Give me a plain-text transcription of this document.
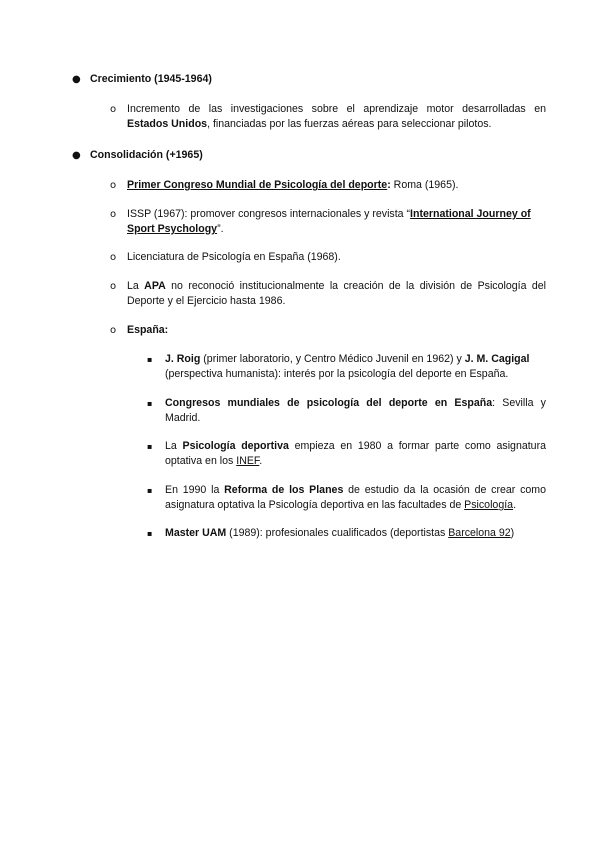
● Crecimiento (1945-1964)
o Incremento de las investigaciones sobre el aprendizaje motor desarrolladas en
Estados Unidos, financiadas por las fuerzas aéreas para seleccionar pilotos.
● Consolidación (+1965)
o Primer Congreso Mundial de Psicología del deporte: Roma (1965).
o ISSP (1967): promover congresos internacionales y revista “International Journey of
Sport Psychology”.
o Licenciatura de Psicología en España (1968).
o La APA no reconoció institucionalmente la creación de la división de Psicología del
Deporte y el Ejercicio hasta 1986.
o España:
▪ J. Roig (primer laboratorio, y Centro Médico Juvenil en 1962) y J. M. Cagigal
(perspectiva humanista): interés por la psicología del deporte en España.
▪ Congresos mundiales de psicología del deporte en España: Sevilla y
Madrid.
▪ La Psicología deportiva empieza en 1980 a formar parte como asignatura
optativa en los INEF.
▪ En 1990 la Reforma de los Planes de estudio da la ocasión de crear como
asignatura optativa la Psicología deportiva en las facultades de Psicología.
▪ Master UAM (1989): profesionales cualificados (deportistas Barcelona 92)
